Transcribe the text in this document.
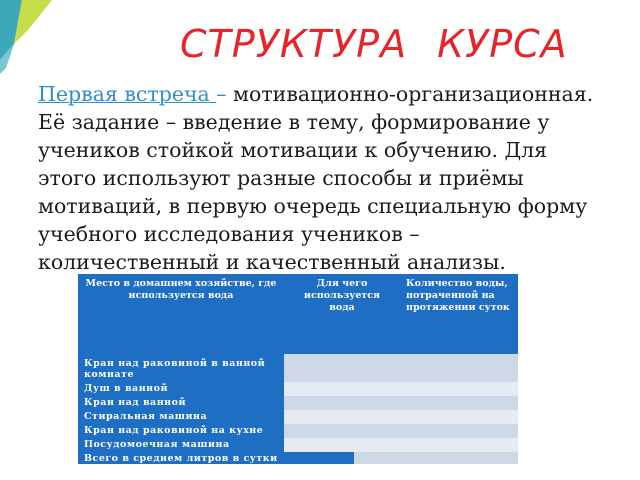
СТРУКТУРА КУРСА
Первая встреча – мотивационно-организационная. Её задание – введение в тему, формирование у учеников стойкой мотивации к обучению. Для этого используют разные способы и приёмы мотиваций, в первую очередь специальную форму учебного исследования учеников – количественный и качественный анализы.
Место в домашнем хозяйстве, где используется вода
Для чего используется вода
Количество воды, потраченной на протяжении суток
Кран над раковиной в ванной комнате
Душ в ванной
Кран над ванной
Стиральная машина
Кран над раковиной на кухне
Посудомоечная машина
Всего в среднем литров в сутки
